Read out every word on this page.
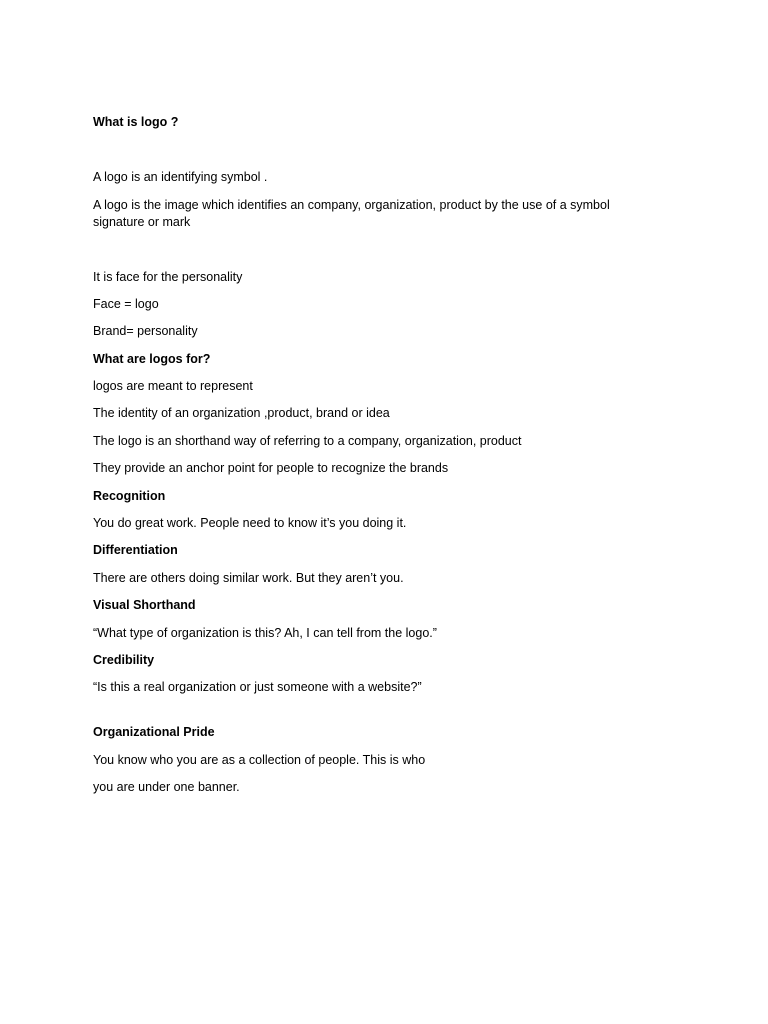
What is logo ?
A logo is an identifying symbol .
A logo is the image which identifies an company, organization, product by the use of a symbol signature or mark
It is face for the personality
Face = logo
Brand= personality
What are logos for?
logos are meant to represent
The identity of an organization ,product, brand or idea
The logo is an shorthand way of referring to a company, organization, product
They provide an anchor point for people to recognize the brands
Recognition
You do great work. People need to know it’s you doing it.
Differentiation
There are others doing similar work. But they aren’t you.
Visual Shorthand
“What type of organization is this? Ah, I can tell from the logo.”
Credibility
“Is this a real organization or just someone with a website?”
Organizational Pride
You know who you are as a collection of people. This is who
you are under one banner.
